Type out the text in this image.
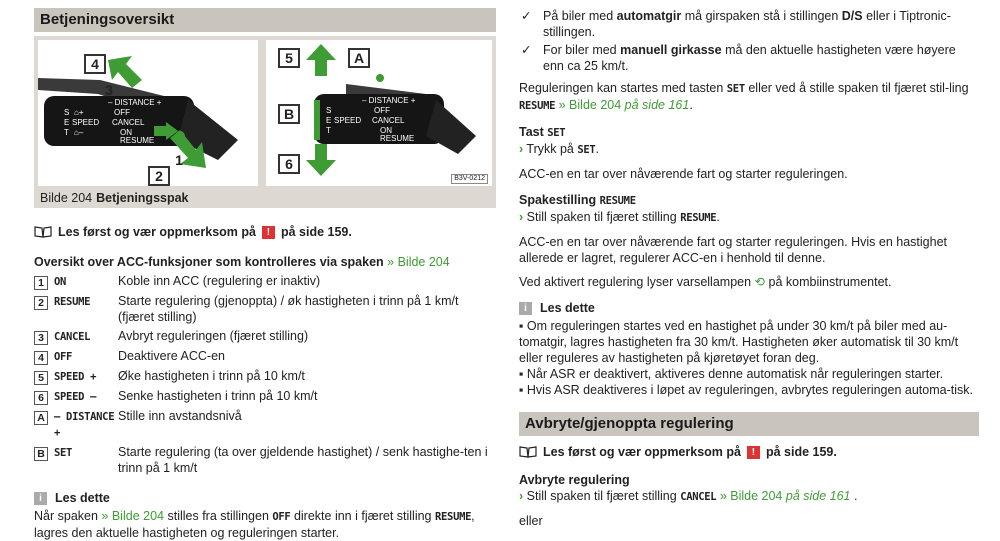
Betjeningsoversikt
– DISTANCE +
S
E
T
⌂+
SPEED
⌂–
OFF
CANCEL
ON
RESUME
4
3
1
2
– DISTANCE +
S
E
T
SPEED
OFF
CANCEL
ON
RESUME
5	A
B
6
B3V-0212
Bilde 204 Betjeningsspak
Les først og vær oppmerksom på	! på side 159.
Oversikt over ACC-funksjoner som kontrolleres via spaken » Bilde 204
1 ON	Koble inn ACC (regulering er inaktiv)
2 RESUME	Starte regulering (gjenoppta) / øk hastigheten i trinn på 1 km/t (fjæret stilling)
3 CANCEL	Avbryt reguleringen (fjæret stilling)
4 OFF	Deaktivere ACC-en
5 SPEED +	Øke hastigheten i trinn på 10 km/t
6 SPEED –	Senke hastigheten i trinn på 10 km/t
A – DISTANCE +
Stille inn avstandsnivå
B SET	Starte regulering (ta over gjeldende hastighet) / senk hastighe-ten i trinn på 1 km/t
i	Les dette
Når spaken » Bilde 204 stilles fra stillingen OFF direkte inn i fjæret stilling RESUME, lagres den aktuelle hastigheten og reguleringen starter.
✓ På biler med automatgir må girspaken stå i stillingen D/S eller i Tiptronic-stillingen.
✓ For biler med manuell girkasse må den aktuelle hastigheten være høyere enn ca 25 km/t.

Reguleringen kan startes med tasten SET eller ved å stille spaken til fjæret stil-ling RESUME » Bilde 204 på side 161.

Tast SET
› Trykk på SET.

ACC-en en tar over nåværende fart og starter reguleringen.

Spakestilling RESUME
› Still spaken til fjæret stilling RESUME.

ACC-en en tar over nåværende fart og starter reguleringen. Hvis en hastighet allerede er lagret, regulerer ACC-en i henhold til denne.

Ved aktivert regulering lyser varsellampen ⟲ på kombiinstrumentet.

i	Les dette
▪ Om reguleringen startes ved en hastighet på under 30 km/t på biler med au-tomatgir, lagres hastigheten fra 30 km/t. Hastigheten øker automatisk til 30 km/t eller reguleres av hastigheten på kjøretøyet foran deg.
▪ Når ASR er deaktivert, aktiveres denne automatisk når reguleringen starter.
▪ Hvis ASR deaktiveres i løpet av reguleringen, avbrytes reguleringen automa-tisk.
Avbryte/gjenoppta regulering
Les først og vær oppmerksom på	! på side 159.
Avbryte regulering
› Still spaken til fjæret stilling CANCEL » Bilde 204 på side 161 .

eller
